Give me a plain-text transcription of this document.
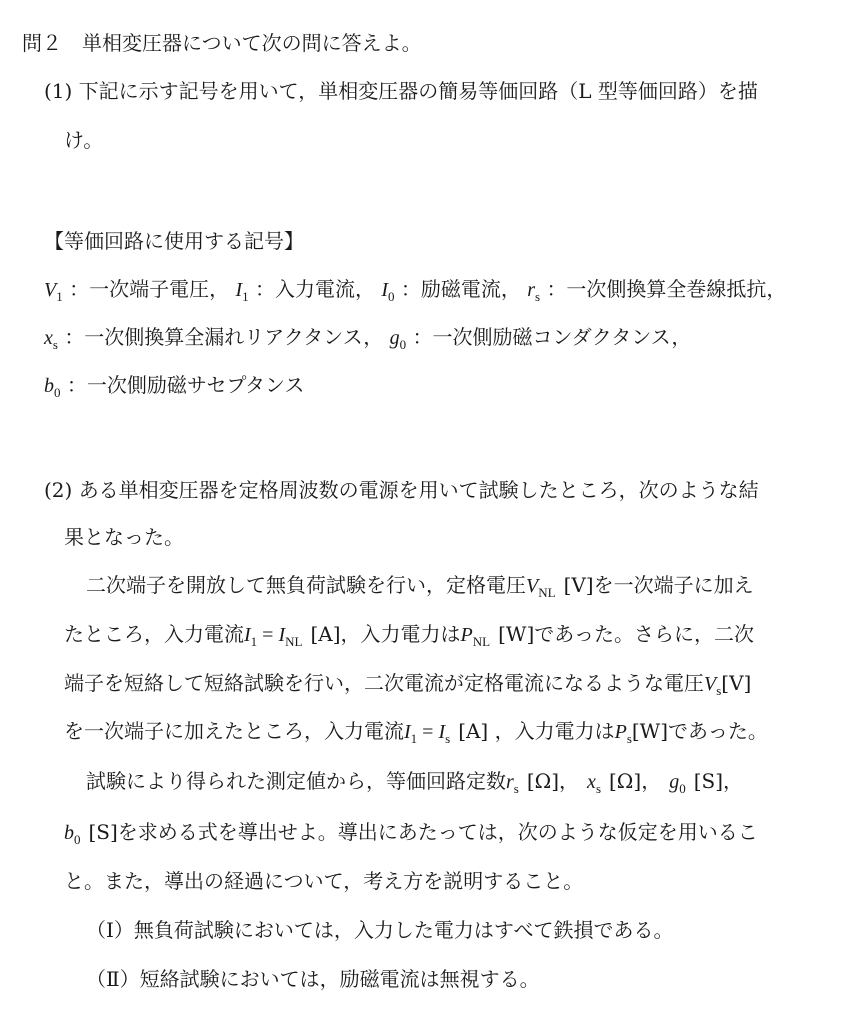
問２　単相変圧器について次の問に答えよ。
(1) 下記に示す記号を用いて，単相変圧器の簡易等価回路（L 型等価回路）を描
け。
【等価回路に使用する記号】
$V_1$ ：一次端子電圧， $I_1$ ：入力電流， $I_0$ ：励磁電流， $r_s$ ：一次側換算全巻線抵抗，
$x_s$ ：一次側換算全漏れリアクタンス， $g_0$ ：一次側励磁コンダクタンス，
$b_0$ ：一次側励磁サセプタンス
(2) ある単相変圧器を定格周波数の電源を用いて試験したところ，次のような結
果となった。
二次端子を開放して無負荷試験を行い，定格電圧$V_{NL}$ [V]を一次端子に加え
たところ，入力電流$I_1 = I_{NL}$ [A]，入力電力は$P_{NL}$ [W]であった。さらに，二次
端子を短絡して短絡試験を行い，二次電流が定格電流になるような電圧$V_s[V]$
を一次端子に加えたところ，入力電流$I_1 = I_s$ [A] ，入力電力は$P_s[W]$であった。
試験により得られた測定値から，等価回路定数$r_s$ [Ω]， $x_s$ [Ω]， $g_0$ [S]，
$b_0$ [S]を求める式を導出せよ。導出にあたっては，次のような仮定を用いるこ
と。また，導出の経過について，考え方を説明すること。
（Ⅰ）無負荷試験においては，入力した電力はすべて鉄損である。
（Ⅱ）短絡試験においては，励磁電流は無視する。
